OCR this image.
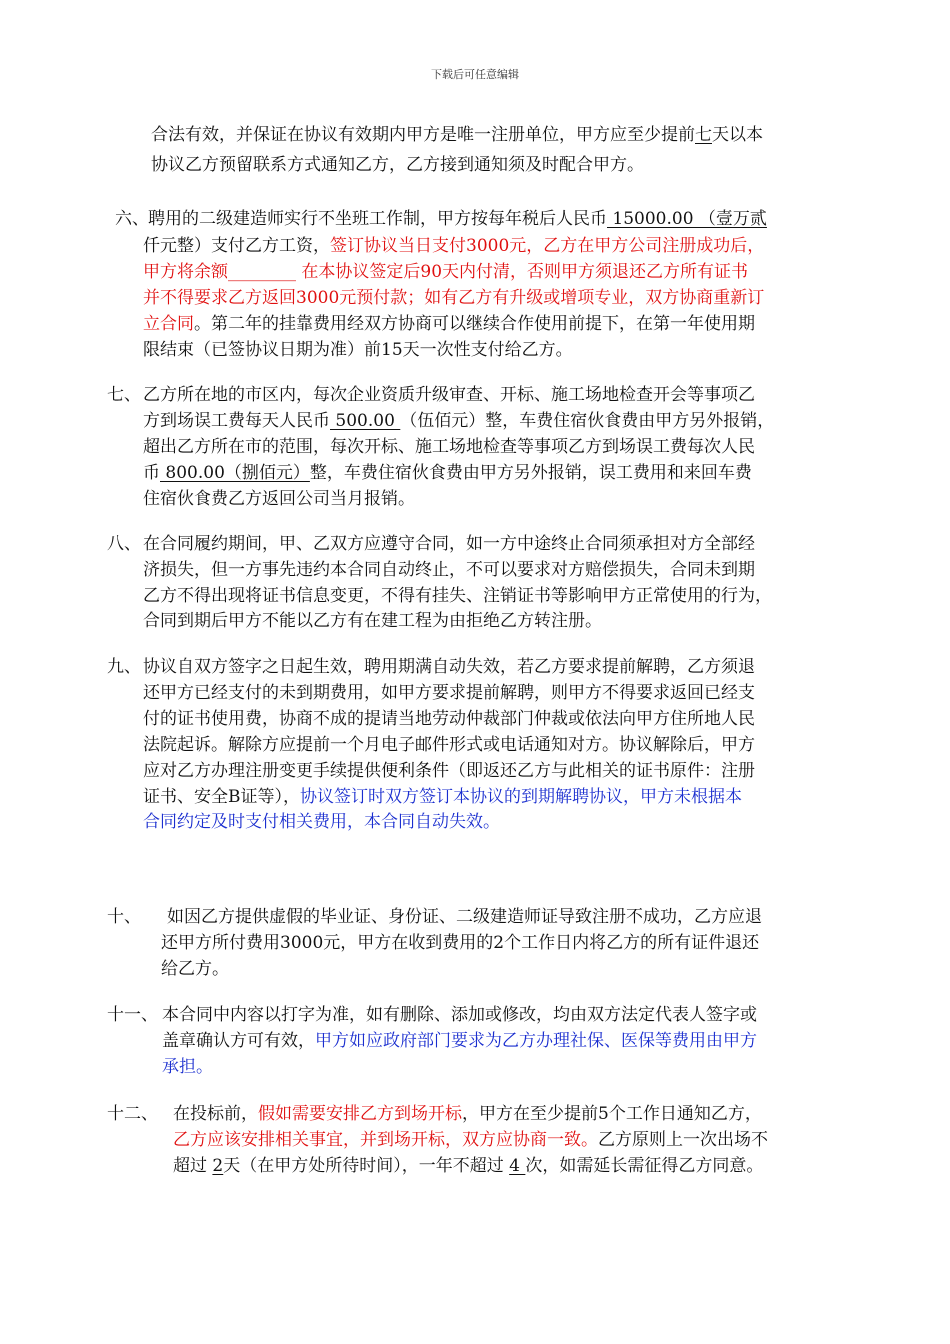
下载后可任意编辑
合法有效，并保证在协议有效期内甲方是唯一注册单位，甲方应至少提前七天以本
协议乙方预留联系方式通知乙方，乙方接到通知须及时配合甲方。
六、 聘用的二级建造师实行不坐班工作制，甲方按每年税后人民币 15000.00 （壹万贰
仟元整）支付乙方工资，签订协议当日支付3000元，乙方在甲方公司注册成功后，
甲方将余额________ 在本协议签定后90天内付清，否则甲方须退还乙方所有证书
并不得要求乙方返回3000元预付款；如有乙方有升级或增项专业，双方协商重新订
立合同。第二年的挂靠费用经双方协商可以继续合作使用前提下，在第一年使用期
限结束（已签协议日期为准）前15天一次性支付给乙方。
七、 乙方所在地的市区内，每次企业资质升级审查、开标、施工场地检查开会等事项乙
方到场误工费每天人民币 500.00 （伍佰元）整，车费住宿伙食费由甲方另外报销，
超出乙方所在市的范围，每次开标、施工场地检查等事项乙方到场误工费每次人民
币 800.00（捌佰元）整，车费住宿伙食费由甲方另外报销，误工费用和来回车费
住宿伙食费乙方返回公司当月报销。
八、 在合同履约期间，甲、乙双方应遵守合同，如一方中途终止合同须承担对方全部经
济损失，但一方事先违约本合同自动终止，不可以要求对方赔偿损失，合同未到期
乙方不得出现将证书信息变更，不得有挂失、注销证书等影响甲方正常使用的行为，
合同到期后甲方不能以乙方有在建工程为由拒绝乙方转注册。
九、 协议自双方签字之日起生效，聘用期满自动失效，若乙方要求提前解聘，乙方须退
还甲方已经支付的未到期费用，如甲方要求提前解聘，则甲方不得要求返回已经支
付的证书使用费，协商不成的提请当地劳动仲裁部门仲裁或依法向甲方住所地人民
法院起诉。解除方应提前一个月电子邮件形式或电话通知对方。协议解除后，甲方
应对乙方办理注册变更手续提供便利条件（即返还乙方与此相关的证书原件：注册
证书、安全B证等），协议签订时双方签订本协议的到期解聘协议，甲方未根据本
合同约定及时支付相关费用，本合同自动失效。
十、 如因乙方提供虚假的毕业证、身份证、二级建造师证导致注册不成功，乙方应退
还甲方所付费用3000元，甲方在收到费用的2个工作日内将乙方的所有证件退还
给乙方。
十一、 本合同中内容以打字为准，如有删除、添加或修改，均由双方法定代表人签字或
盖章确认方可有效，甲方如应政府部门要求为乙方办理社保、医保等费用由甲方
承担。
十二、 在投标前，假如需要安排乙方到场开标，甲方在至少提前5个工作日通知乙方，
乙方应该安排相关事宜，并到场开标，双方应协商一致。乙方原则上一次出场不
超过 2天（在甲方处所待时间），一年不超过 4 次，如需延长需征得乙方同意。
